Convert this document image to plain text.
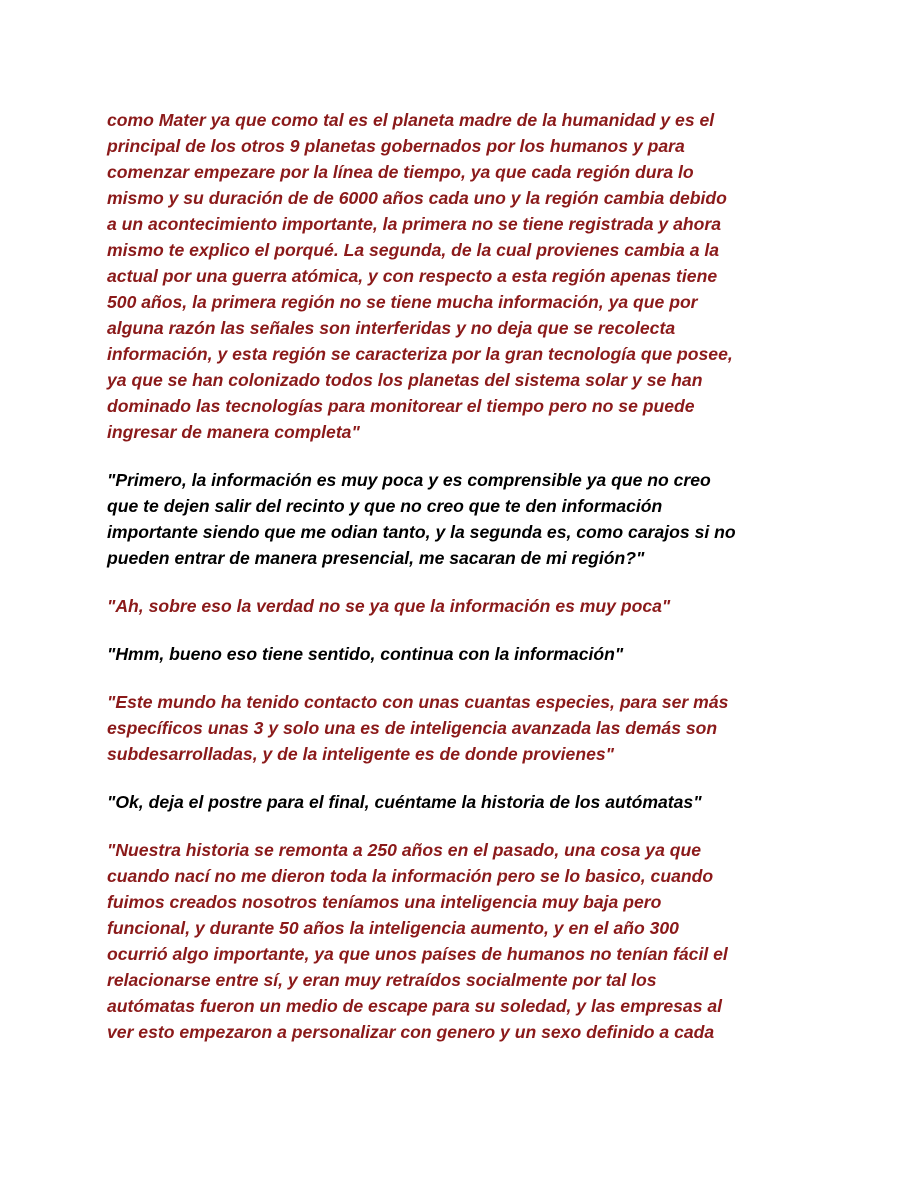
como Mater ya que como tal es el planeta madre de la humanidad y es el
principal de los otros 9 planetas gobernados por los humanos y para
comenzar empezare por la línea de tiempo, ya que cada región dura lo
mismo y su duración de de 6000 años cada uno y la región cambia debido
a un acontecimiento importante, la primera no se tiene registrada y ahora
mismo te explico el porqué. La segunda, de la cual provienes cambia a la
actual por una guerra atómica, y con respecto a esta región apenas tiene
500 años, la primera región no se tiene mucha información, ya que por
alguna razón las señales son interferidas y no deja que se recolecta
información, y esta región se caracteriza por la gran tecnología que posee,
ya que se han colonizado todos los planetas del sistema solar y se han
dominado las tecnologías para monitorear el tiempo pero no se puede
ingresar de manera completa"

"Primero, la información es muy poca y es comprensible ya que no creo
que te dejen salir del recinto y que no creo que te den información
importante siendo que me odian tanto, y la segunda es, como carajos si no
pueden entrar de manera presencial, me sacaran de mi región?"

"Ah, sobre eso la verdad no se ya que la información es muy poca"

"Hmm, bueno eso tiene sentido, continua con la información"

"Este mundo ha tenido contacto con unas cuantas especies, para ser más
específicos unas 3 y solo una es de inteligencia avanzada las demás son
subdesarrolladas, y de la inteligente es de donde provienes"

"Ok, deja el postre para el final, cuéntame la historia de los autómatas"

"Nuestra historia se remonta a 250 años en el pasado, una cosa ya que
cuando nací no me dieron toda la información pero se lo basico, cuando
fuimos creados nosotros teníamos una inteligencia muy baja pero
funcional, y durante 50 años la inteligencia aumento, y en el año 300
ocurrió algo importante, ya que unos países de humanos no tenían fácil el
relacionarse entre sí, y eran muy retraídos socialmente por tal los
autómatas fueron un medio de escape para su soledad, y las empresas al
ver esto empezaron a personalizar con genero y un sexo definido a cada
